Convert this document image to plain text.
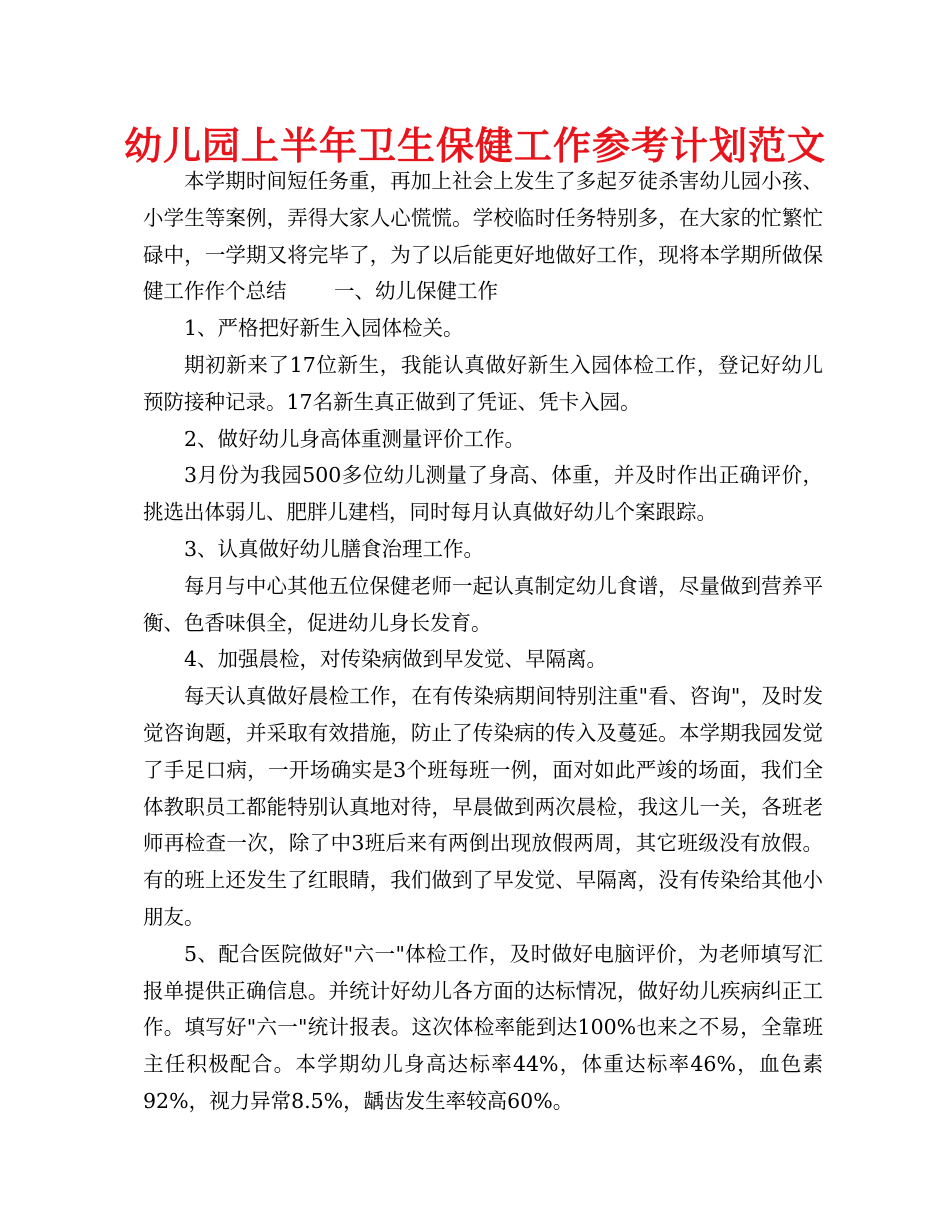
幼儿园上半年卫生保健工作参考计划范文

本学期时间短任务重，再加上社会上发生了多起歹徒杀害幼儿园小孩、小学生等案例，弄得大家人心慌慌。学校临时任务特别多，在大家的忙繁忙碌中，一学期又将完毕了，为了以后能更好地做好工作，现将本学期所做保健工作作个总结　　 一、幼儿保健工作

1、严格把好新生入园体检关。

期初新来了17位新生，我能认真做好新生入园体检工作，登记好幼儿预防接种记录。17名新生真正做到了凭证、凭卡入园。

2、做好幼儿身高体重测量评价工作。

3月份为我园500多位幼儿测量了身高、体重，并及时作出正确评价，挑选出体弱儿、肥胖儿建档，同时每月认真做好幼儿个案跟踪。

3、认真做好幼儿膳食治理工作。

每月与中心其他五位保健老师一起认真制定幼儿食谱，尽量做到营养平衡、色香味俱全，促进幼儿身长发育。

4、加强晨检，对传染病做到早发觉、早隔离。

每天认真做好晨检工作，在有传染病期间特别注重"看、咨询"，及时发觉咨询题，并采取有效措施，防止了传染病的传入及蔓延。本学期我园发觉了手足口病，一开场确实是3个班每班一例，面对如此严竣的场面，我们全体教职员工都能特别认真地对待，早晨做到两次晨检，我这儿一关，各班老师再检查一次，除了中3班后来有两倒出现放假两周，其它班级没有放假。有的班上还发生了红眼睛，我们做到了早发觉、早隔离，没有传染给其他小朋友。

5、配合医院做好"六一"体检工作，及时做好电脑评价，为老师填写汇报单提供正确信息。并统计好幼儿各方面的达标情况，做好幼儿疾病纠正工作。填写好"六一"统计报表。这次体检率能到达100%也来之不易，全靠班主任积极配合。本学期幼儿身高达标率44%，体重达标率46%，血色素92%，视力异常8.5%，龋齿发生率较高60%。
